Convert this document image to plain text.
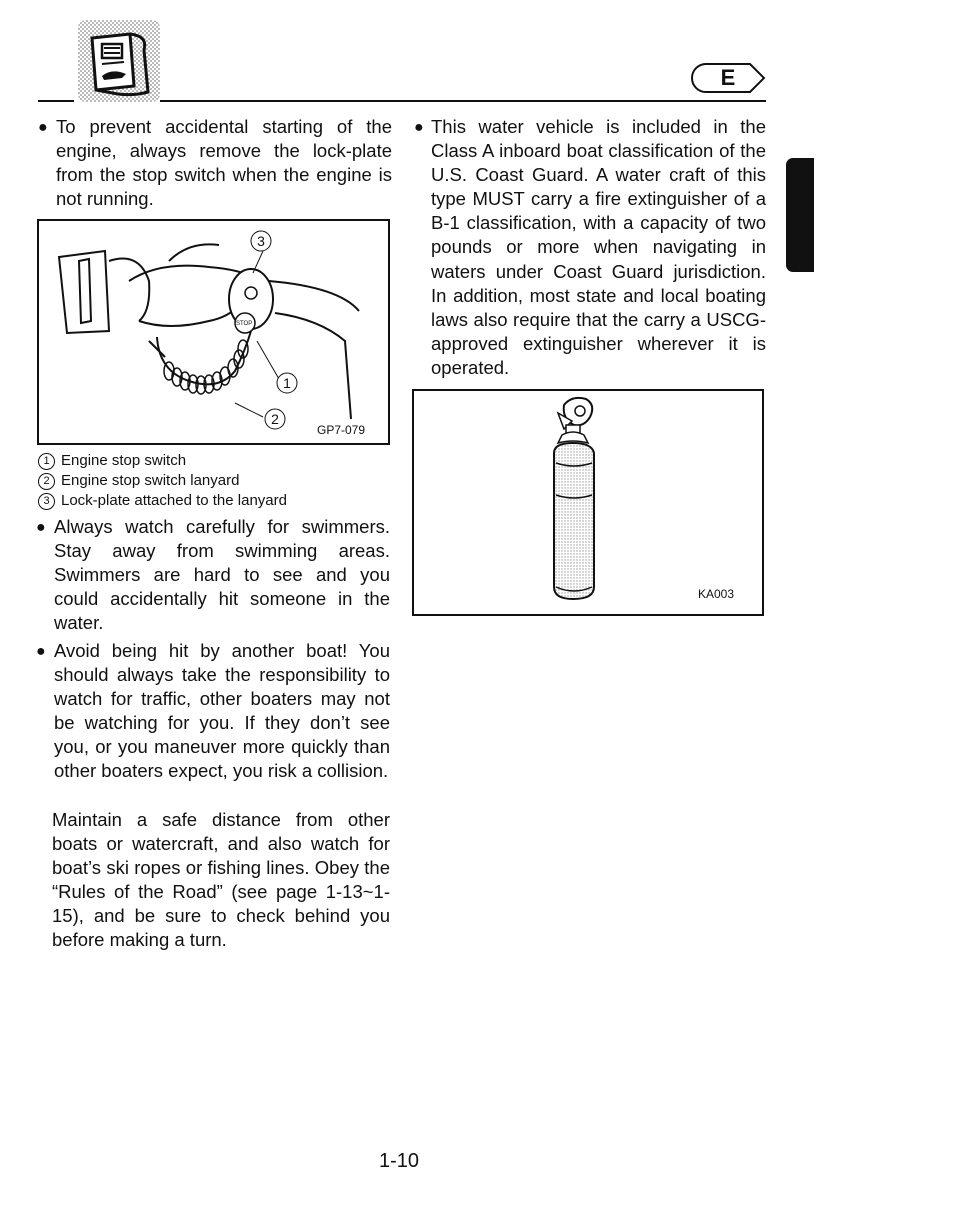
E
● To prevent accidental starting of the engine, always remove the lock-plate from the stop switch when the engine is not running.

STOP
3
1
2
GP7-079
1 Engine stop switch
2 Engine stop switch lanyard
3 Lock-plate attached to the lanyard
● Always watch carefully for swimmers. Stay away from swimming areas. Swimmers are hard to see and you could accidentally hit someone in the water.

● Avoid being hit by another boat! You should always take the responsibility to watch for traffic, other boaters may not be watching for you. If they don’t see you, or you maneuver more quickly than other boaters expect, you risk a collision.

Maintain a safe distance from other boats or watercraft, and also watch for boat’s ski ropes or fishing lines. Obey the “Rules of the Road” (see page 1-13~1-15), and be sure to check behind you before making a turn.

● This water vehicle is included in the Class A inboard boat classification of the U.S. Coast Guard. A water craft of this type MUST carry a fire extinguisher of a B-1 classification, with a capacity of two pounds or more when navigating in waters under Coast Guard jurisdiction. In addition, most state and local boating laws also require that the carry a USCG-approved extinguisher wherever it is operated.

KA003
1-10
